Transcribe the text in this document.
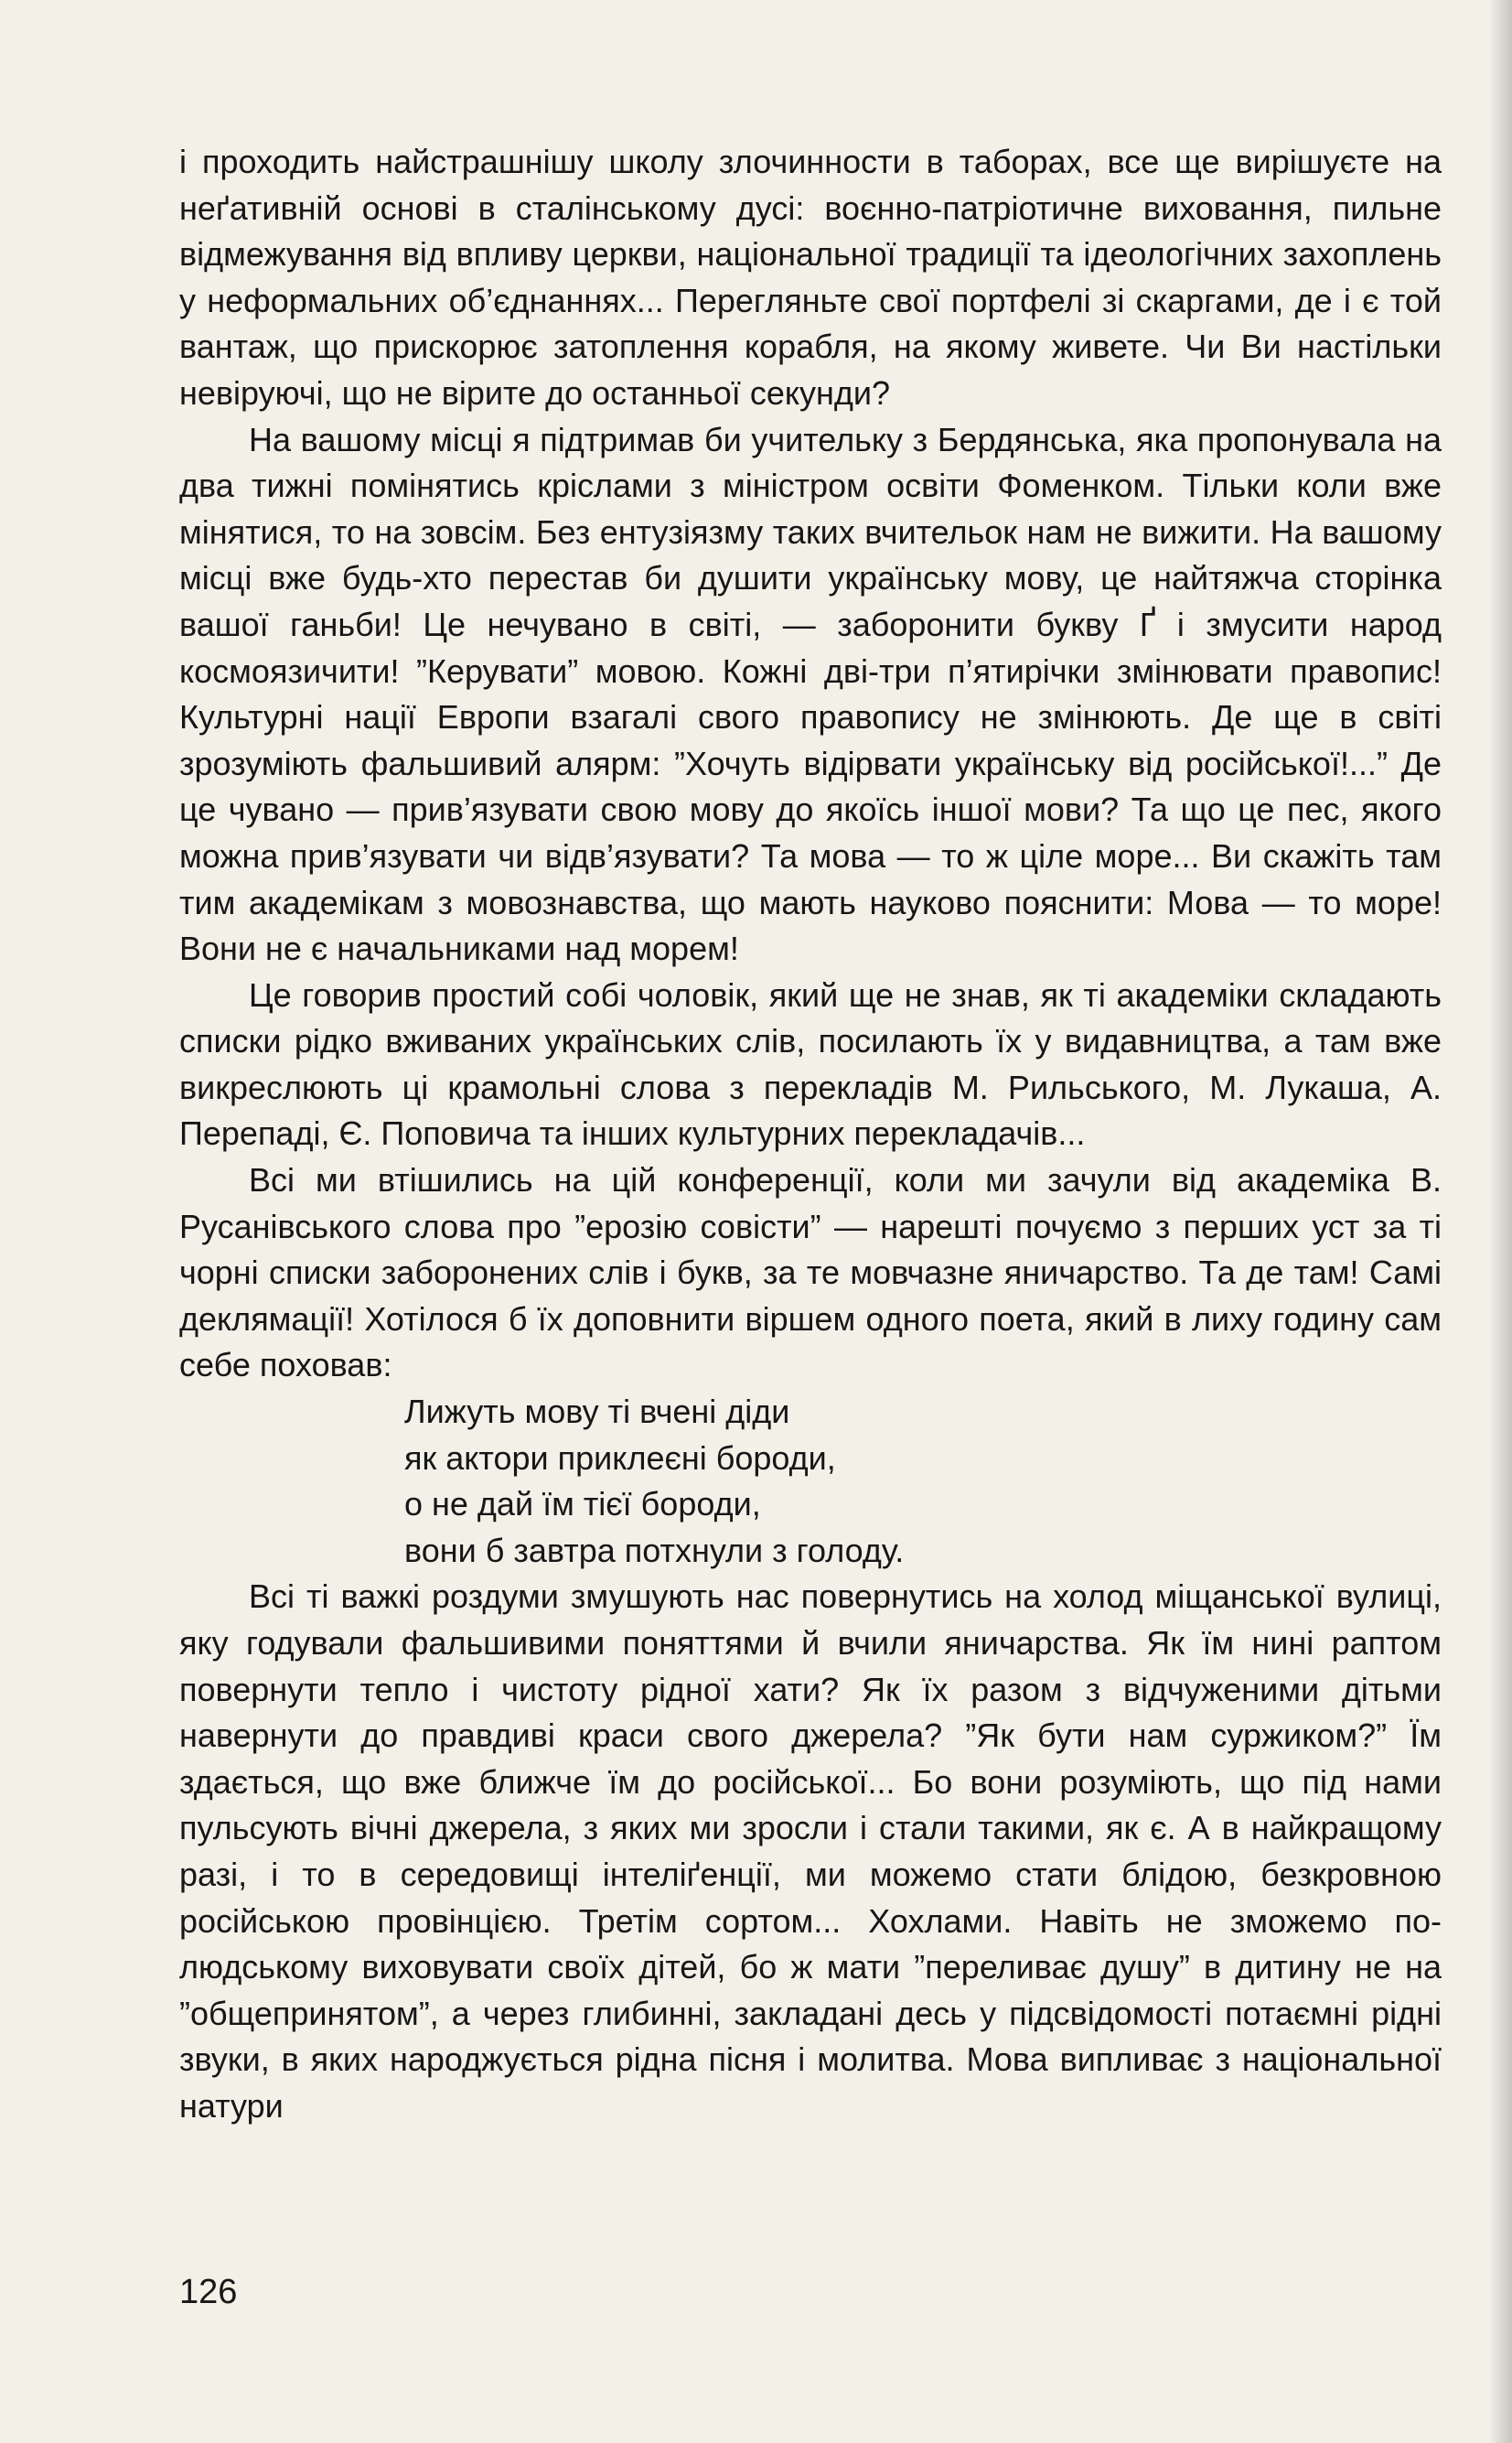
і проходить найстрашнішу школу злочинности в таборах, все ще вирішуєте на неґативній основі в сталінському дусі: воєнно-патріотичне виховання, пильне відмежування від впливу церкви, національної традиції та ідеологічних захоплень у неформальних об’єднаннях... Перегляньте свої портфелі зі скаргами, де і є той вантаж, що прискорює затоплення корабля, на якому живете. Чи Ви настільки невіруючі, що не вірите до останньої секунди?

На вашому місці я підтримав би учительку з Бердянська, яка пропонувала на два тижні помінятись кріслами з міністром освіти Фоменком. Тільки коли вже мінятися, то на зовсім. Без ентузіязму таких вчительок нам не вижити. На вашому місці вже будь-хто перестав би душити українську мову, це найтяжча сторінка вашої ганьби! Це нечувано в світі, — заборонити букву Ґ і змусити народ космоязичити! ”Керувати” мовою. Кожні дві-три п’ятирічки змінювати правопис! Культурні нації Европи взагалі свого правопису не змінюють. Де ще в світі зрозуміють фальшивий алярм: ”Хочуть відірвати українську від російської!...” Де це чувано — прив’язувати свою мову до якоїсь іншої мови? Та що це пес, якого можна прив’язувати чи відв’язувати? Та мова — то ж ціле море... Ви скажіть там тим академікам з мовознавства, що мають науково пояснити: Мова — то море! Вони не є начальниками над морем!

Це говорив простий собі чоловік, який ще не знав, як ті академіки складають списки рідко вживаних українських слів, посилають їх у видавництва, а там вже викреслюють ці крамольні слова з перекладів М. Рильського, М. Лукаша, А. Перепаді, Є. Поповича та інших культурних перекладачів...

Всі ми втішились на цій конференції, коли ми зачули від академіка В. Русанівського слова про ”ерозію совісти” — нарешті почуємо з перших уст за ті чорні списки заборонених слів і букв, за те мовчазне яничарство. Та де там! Самі деклямації! Хотілося б їх доповнити віршем одного поета, який в лиху годину сам себе поховав:

Лижуть мову ті вчені діди
як актори приклеєні бороди,
о не дай їм тієї бороди,
вони б завтра потхнули з голоду.

Всі ті важкі роздуми змушують нас повернутись на холод міщанської вулиці, яку годували фальшивими поняттями й вчили яничарства. Як їм нині раптом повернути тепло і чистоту рідної хати? Як їх разом з відчуженими дітьми навернути до правдиві краси свого джерела? ”Як бути нам суржиком?” Їм здається, що вже ближче їм до російської... Бо вони розуміють, що під нами пульсують вічні джерела, з яких ми зросли і стали такими, як є. А в найкращому разі, і то в середовищі інтеліґенції, ми можемо стати блідою, безкровною російською провінцією. Третім сортом... Хохлами. Навіть не зможемо по-людському виховувати своїх дітей, бо ж мати ”переливає душу” в дитину не на ”общепринятом”, а через глибинні, закладані десь у підсвідомості потаємні рідні звуки, в яких народжується рідна пісня і молитва. Мова випливає з національної натури

126
